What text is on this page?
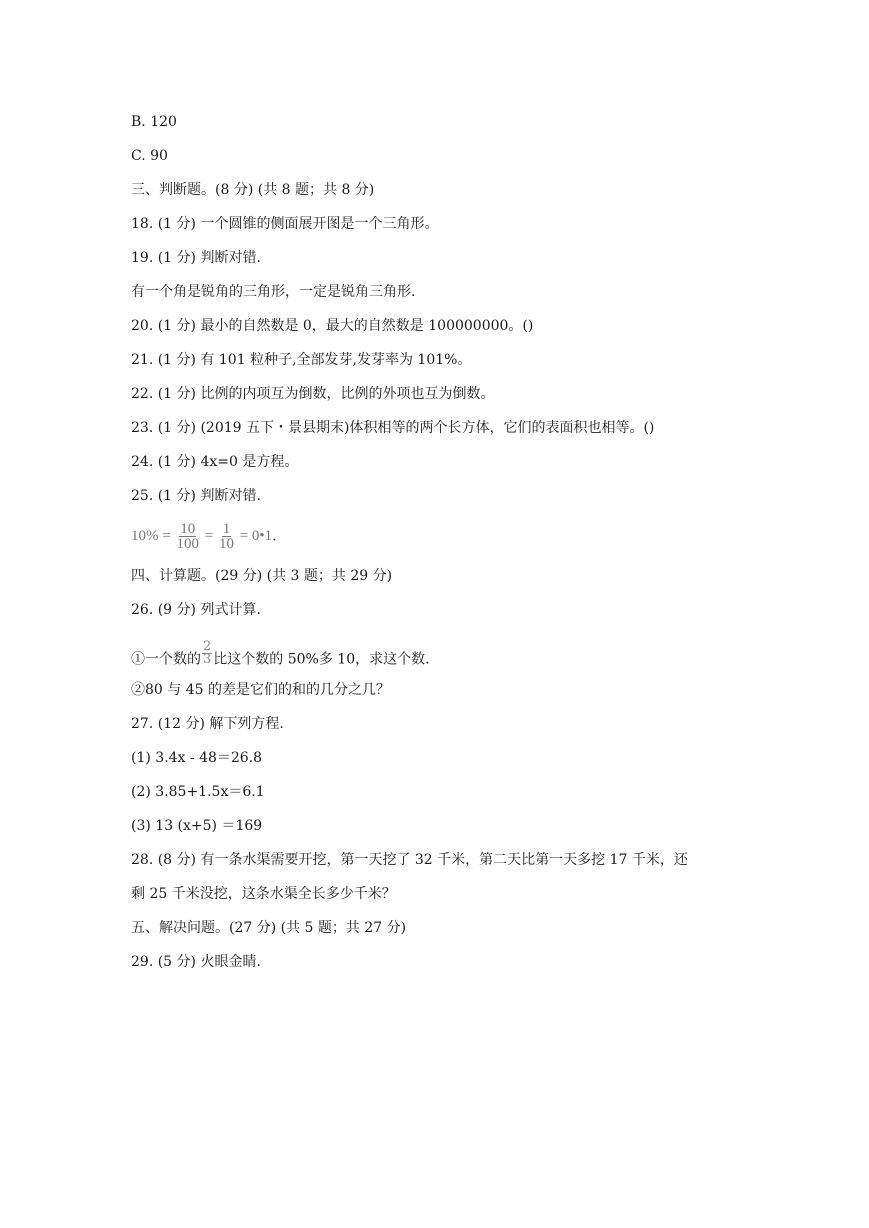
B. 120
C. 90
三、判断题。(8 分) (共 8 题；共 8 分)
18. (1 分) 一个圆锥的侧面展开图是一个三角形。
19. (1 分) 判断对错.
有一个角是锐角的三角形，一定是锐角三角形.
20. (1 分) 最小的自然数是 0，最大的自然数是 100000000。()
21. (1 分) 有 101 粒种子,全部发芽,发芽率为 101%。
22. (1 分) 比例的内项互为倒数，比例的外项也互为倒数。
23. (1 分) (2019 五下・景县期末)体积相等的两个长方体，它们的表面积也相等。()
24. (1 分) 4x=0 是方程。
25. (1 分) 判断对错.
$10\% = \frac{10}{100} = \frac{1}{10}$ = 0•1.
四、计算题。(29 分) (共 3 题；共 29 分)
26. (9 分) 列式计算.
①一个数的 $\frac{2}{3}$ 比这个数的 50%多 10，求这个数.
②80 与 45 的差是它们的和的几分之几？
27. (12 分) 解下列方程.
(1) 3.4x - 48＝26.8
(2) 3.85+1.5x＝6.1
(3) 13 (x+5) ＝169
28. (8 分) 有一条水渠需要开挖，第一天挖了 32 千米，第二天比第一天多挖 17 千米，还
剩 25 千米没挖，这条水渠全长多少千米？
五、解决问题。(27 分) (共 5 题；共 27 分)
29. (5 分) 火眼金睛.
